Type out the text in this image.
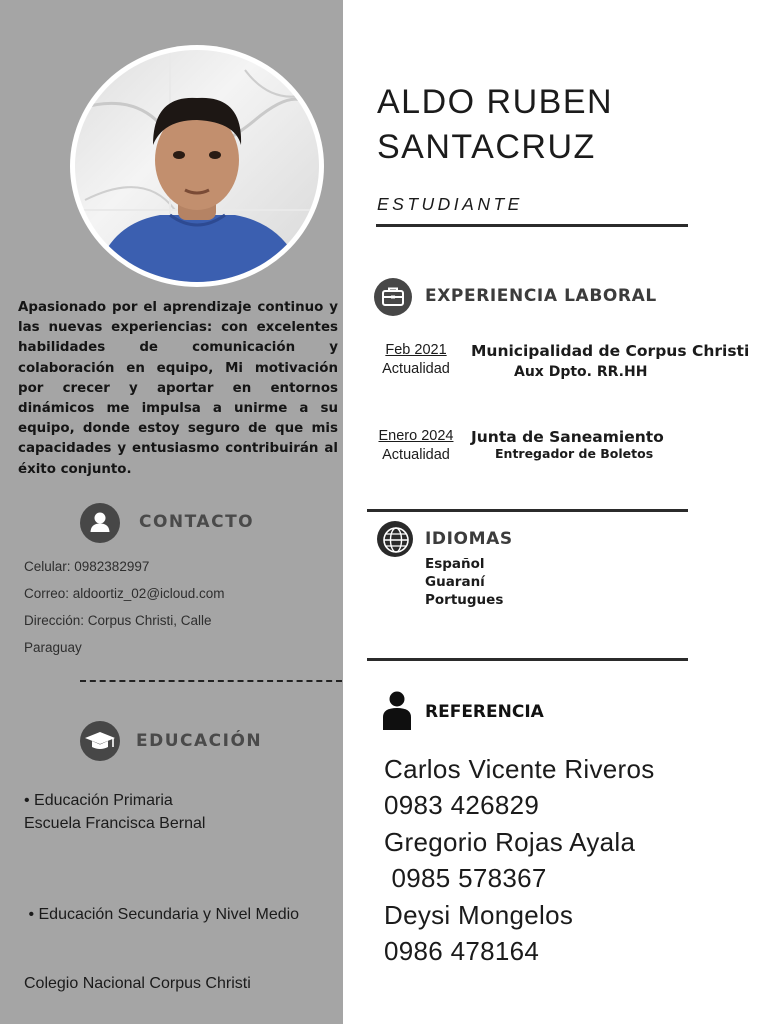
Apasionado por el aprendizaje continuo y las nuevas experiencias: con excelentes habilidades de comunicación y colaboración en equipo, Mi motivación por crecer y aportar en entornos dinámicos me impulsa a unirme a su equipo, donde estoy seguro de que mis capacidades y entusiasmo contribuirán al éxito conjunto.

CONTACTO
Celular: 0982382997
Correo: aldoortiz_02@icloud.com
Dirección: Corpus Christi, Calle
Paraguay
EDUCACIÓN
• Educación Primaria
Escuela Francisca Bernal

• Educación Secundaria y Nivel Medio

Colegio Nacional Corpus Christi

ALDO RUBEN
SANTACRUZ
ESTUDIANTE
EXPERIENCIA LABORAL
Feb 2021
Actualidad
Municipalidad de Corpus Christi
Aux Dpto. RR.HH
Enero 2024
Actualidad
Junta de Saneamiento
Entregador de Boletos
IDIOMAS
Español
Guaraní
Portugues
REFERENCIA
Carlos Vicente Riveros
0983 426829
Gregorio Rojas Ayala
0985 578367
Deysi Mongelos
0986 478164
